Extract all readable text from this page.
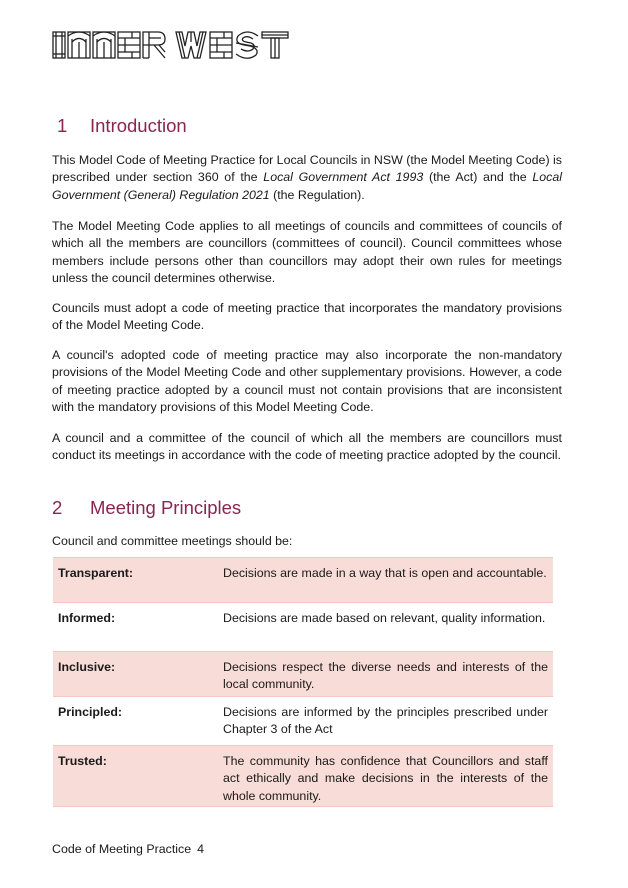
1	Introduction

This Model Code of Meeting Practice for Local Councils in NSW (the Model Meeting Code) is prescribed under section 360 of the Local Government Act 1993 (the Act) and the Local Government (General) Regulation 2021 (the Regulation).

The Model Meeting Code applies to all meetings of councils and committees of councils of which all the members are councillors (committees of council). Council committees whose members include persons other than councillors may adopt their own rules for meetings unless the council determines otherwise.

Councils must adopt a code of meeting practice that incorporates the mandatory provisions of the Model Meeting Code.

A council's adopted code of meeting practice may also incorporate the non-mandatory provisions of the Model Meeting Code and other supplementary provisions. However, a code of meeting practice adopted by a council must not contain provisions that are inconsistent with the mandatory provisions of this Model Meeting Code.

A council and a committee of the council of which all the members are councillors must conduct its meetings in accordance with the code of meeting practice adopted by the council.

2	Meeting Principles

Council and committee meetings should be:

Transparent:	Decisions are made in a way that is open and accountable.
Informed:	Decisions are made based on relevant, quality information.
Inclusive:	Decisions respect the diverse needs and interests of the local community.
Principled:	Decisions are informed by the principles prescribed under Chapter 3 of the Act
Trusted:	The community has confidence that Councillors and staff act ethically and make decisions in the interests of the whole community.
Code of Meeting Practice 4
